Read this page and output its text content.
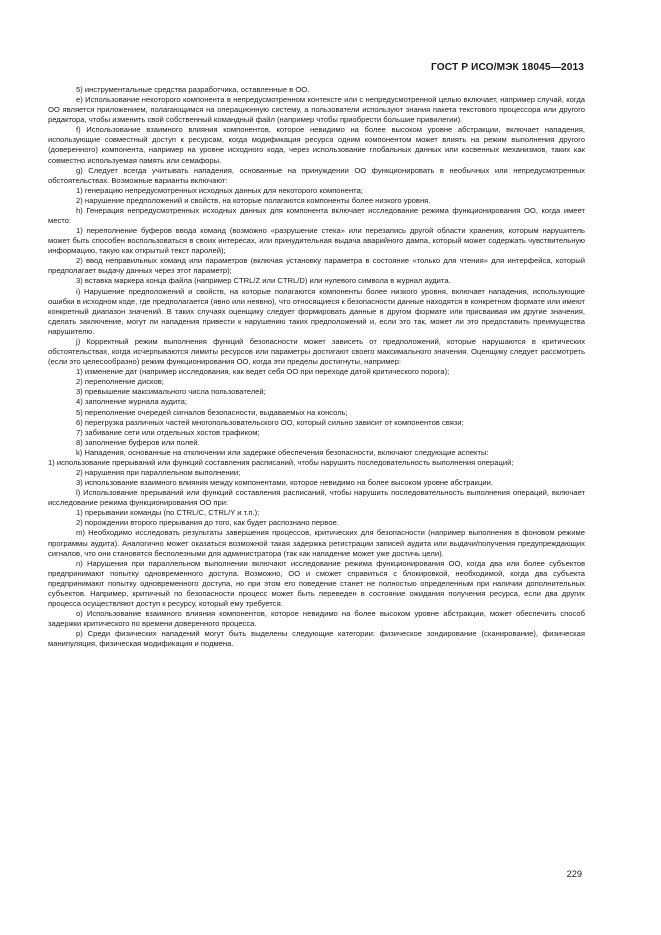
ГОСТ Р ИСО/МЭК 18045—2013

5) инструментальные средства разработчика, оставленные в ОО.

e) Использование некоторого компонента в непредусмотренном контексте или с непредусмотренной целью включает, например случай, когда ОО является приложением, полагающимся на операционную систему, а пользователи используют знания пакета текстового процессора или другого редактора, чтобы изменить свой собственный командный файл (например чтобы приобрести большие привилегии).

f) Использование взаимного влияния компонентов, которое невидимо на более высоком уровне абстракции, включает нападения, использующие совместный доступ к ресурсам, когда модификация ресурса одним компонентом может влиять на режим выполнения другого (доверенного) компонента, например на уровне исходного кода, через использование глобальных данных или косвенных механизмов, таких как совместно используемая память или семафоры.

g) Следует всегда учитывать нападения, основанные на принуждении ОО функционировать в необычных или непредусмотренных обстоятельствах. Возможные варианты включают:

1) генерацию непредусмотренных исходных данных для некоторого компонента;

2) нарушение предположений и свойств, на которые полагаются компоненты более низкого уровня.

h) Генерация непредусмотренных исходных данных для компонента включает исследование режима функционирования ОО, когда имеет место:

1) переполнение буферов ввода команд (возможно «разрушение стека» или перезапись другой области хранения, которым нарушитель может быть способен воспользоваться в своих интересах, или принудительная выдача аварийного дампа, который может содержать чувствительную информацию, такую как открытый текст паролей);

2) ввод неправильных команд или параметров (включая установку параметра в состояние «только для чтения» для интерфейса, который предполагает выдачу данных через этот параметр);

3) вставка маркера конца файла (например CTRL/Z или CTRL/D) или нулевого символа в журнал аудита.

i) Нарушение предположений и свойств, на которые полагаются компоненты более низкого уровня, включает нападения, использующие ошибки в исходном коде, где предполагается (явно или неявно), что относящиеся к безопасности данные находятся в конкретном формате или имеют конкретный диапазон значений. В таких случаях оценщику следует формировать данные в другом формате или присваивая им другие значения, сделать заключение, могут ли нападения привести к нарушению таких предположений и, если это так, может ли это предоставить преимущества нарушителю.

j) Корректный режим выполнения функций безопасности может зависеть от предположений, которые нарушаются в критических обстоятельствах, когда исчерпываются лимиты ресурсов или параметры достигают своего максимального значения. Оценщику следует рассмотреть (если это целесообразно) режим функционирования ОО, когда эти пределы достигнуты, например:

1) изменение дат (например исследования, как ведет себя ОО при переходе датой критического порога);

2) переполнение дисков;

3) превышение максимального числа пользователей;

4) заполнение журнала аудита;

5) переполнение очередей сигналов безопасности, выдаваемых на консоль;

6) перегрузка различных частей многопользовательского ОО, который сильно зависит от компонентов связи;

7) забивание сети или отдельных хостов трафиком;

8) заполнение буферов или полей.

k) Нападения, основанные на отключении или задержке обеспечения безопасности, включают следующие аспекты:

1) использование прерываний или функций составления расписаний, чтобы нарушить последовательность выполнения операций;

2) нарушения при параллельном выполнении;

3) использование взаимного влияния между компонентами, которое невидимо на более высоком уровне абстракции.

l) Использование прерываний или функций составления расписаний, чтобы нарушить последовательность выполнения операций, включает исследование режима функционирования ОО при:

1) прерывании команды (по CTRL/C, CTRL/Y и т.п.);

2) порождении второго прерывания до того, как будет распознано первое.

m) Необходимо исследовать результаты завершения процессов, критических для безопасности (например выполнения в фоновом режиме программы аудита). Аналогично может оказаться возможной такая задержка регистрации записей аудита или выдачи/получения предупреждающих сигналов, что они становятся бесполезными для администратора (так как нападение может уже достичь цели).

n) Нарушения при параллельном выполнении включают исследование режима функционирования ОО, когда два или более субъектов предпринимают попытку одновременного доступа. Возможно, ОО и сможет справиться с блокировкой, необходимой, когда два субъекта предпринимают попытку одновременного доступа, но при этом его поведение станет не полностью определенным при наличии дополнительных субъектов. Например, критичный по безопасности процесс может быть переведен в состояние ожидания получения ресурса, если два других процесса осуществляют доступ к ресурсу, который ему требуется.

o) Использование взаимного влияния компонентов, которое невидимо на более высоком уровне абстракции, может обеспечить способ задержки критического по времени доверенного процесса.

p) Среди физических нападений могут быть выделены следующие категории: физическое зондирование (сканирование), физическая манипуляция, физическая модификация и подмена.

229
